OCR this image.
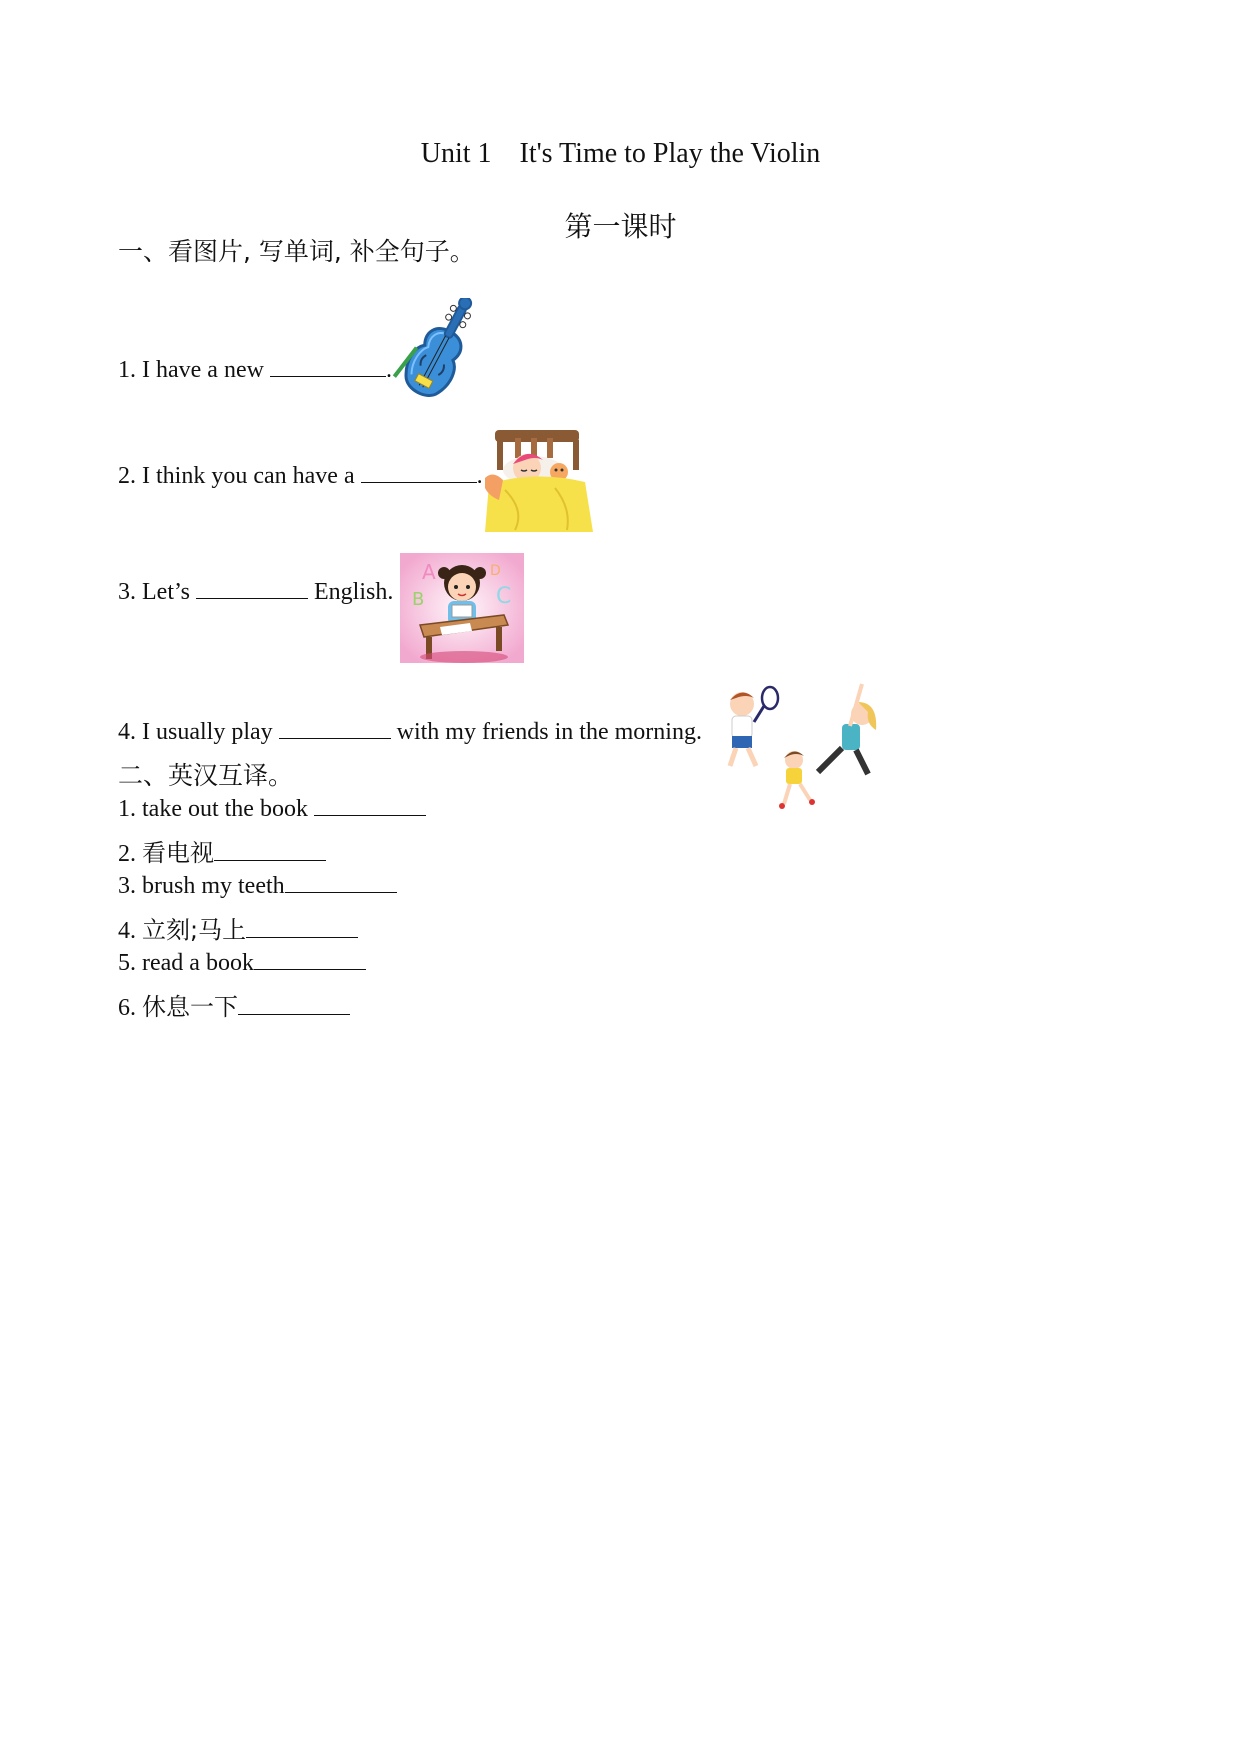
Unit 1 It's Time to Play the Violin
第一课时
一、看图片, 写单词, 补全句子。
1. I have a new	.
2. I think you can have a	.
3. Let’s	English.
A
B	C
D
4. I usually play	with my friends in the morning.
二、英汉互译。
1. take out the book
2. 看电视
3. brush my teeth
4. 立刻;马上
5. read a book
6. 休息一下
